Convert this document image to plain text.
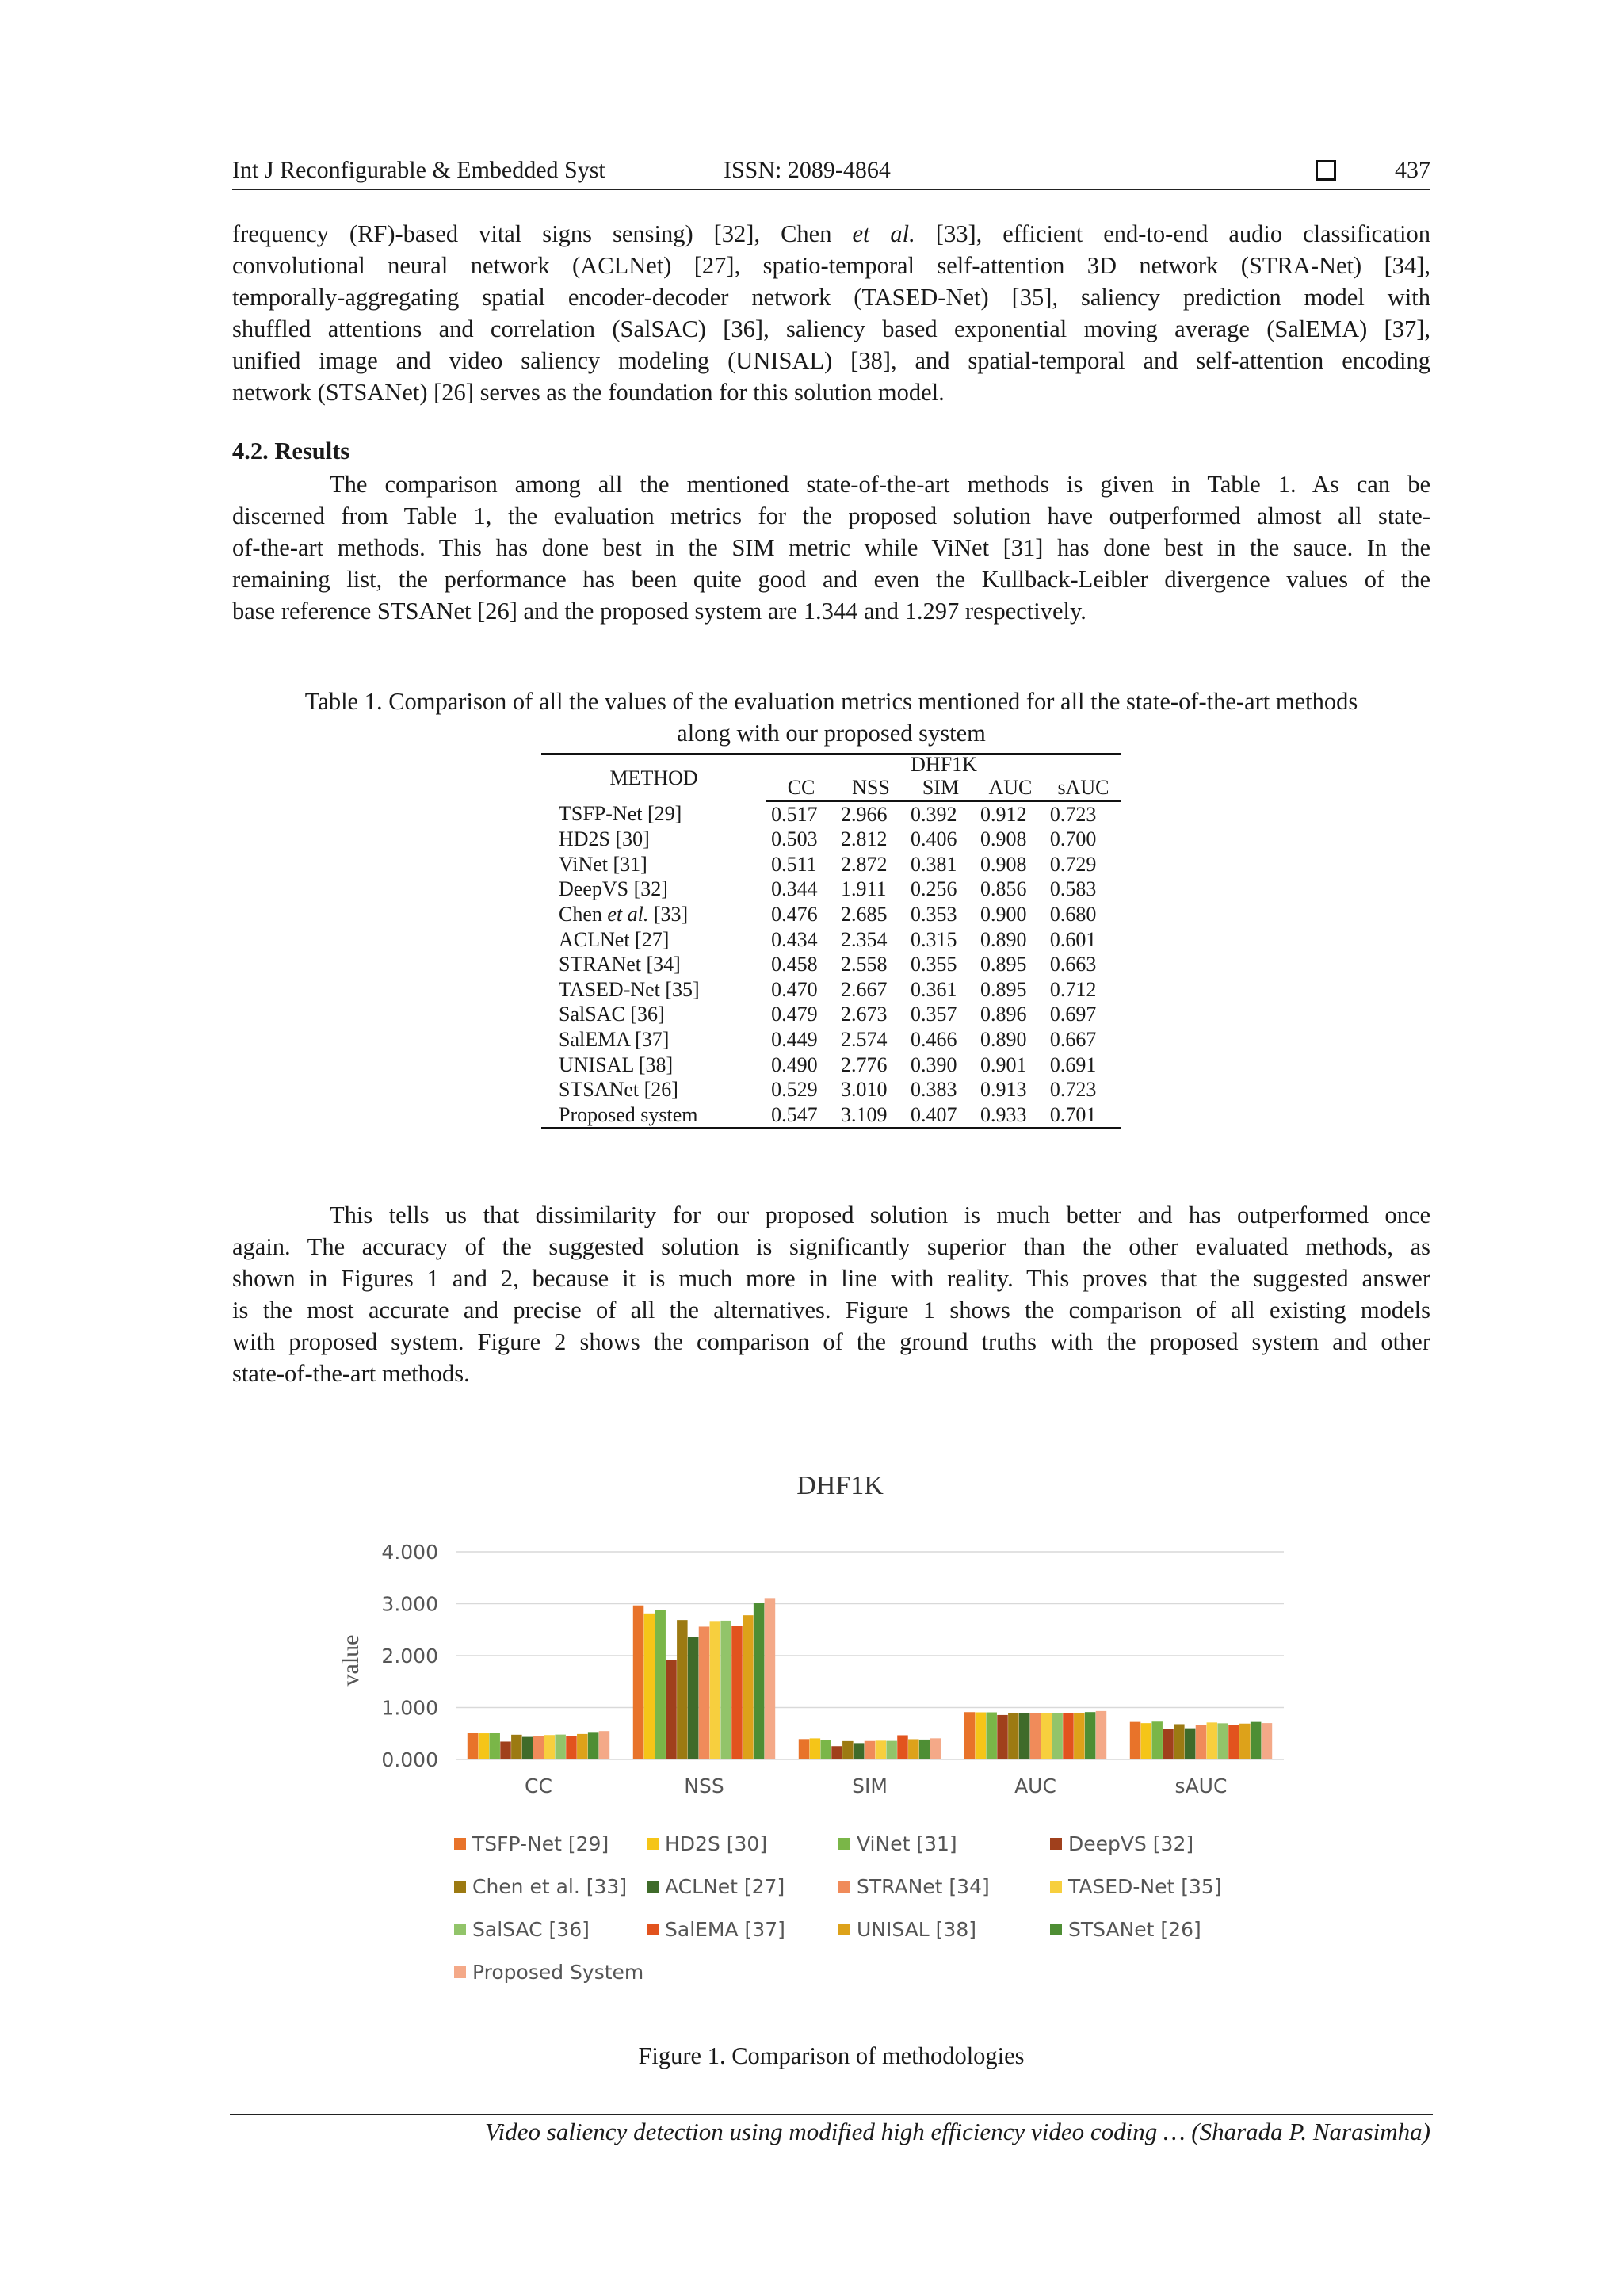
Int J Reconfigurable & Embedded Syst	ISSN: 2089-4864	437
frequency (RF)-based vital signs sensing) [32], Chen et al. [33], efficient end-to-end audio classification
convolutional neural network (ACLNet) [27], spatio-temporal self-attention 3D network (STRA-Net) [34],
temporally-aggregating spatial encoder-decoder network (TASED-Net) [35], saliency prediction model with
shuffled attentions and correlation (SalSAC) [36], saliency based exponential moving average (SalEMA) [37],
unified image and video saliency modeling (UNISAL) [38], and spatial-temporal and self-attention encoding
network (STSANet) [26] serves as the foundation for this solution model.
4.2. Results
The comparison among all the mentioned state-of-the-art methods is given in Table 1. As can be
discerned from Table 1, the evaluation metrics for the proposed solution have outperformed almost all state-
of-the-art methods. This has done best in the SIM metric while ViNet [31] has done best in the sauce. In the
remaining list, the performance has been quite good and even the Kullback-Leibler divergence values of the
base reference STSANet [26] and the proposed system are 1.344 and 1.297 respectively.
Table 1. Comparison of all the values of the evaluation metrics mentioned for all the state-of-the-art methods
along with our proposed system
METHOD	DHF1K				
	CC	NSS	SIM	AUC	sAUC
TSFP-Net [29]	0.517	2.966	0.392	0.912	0.723
HD2S [30]	0.503	2.812	0.406	0.908	0.700
ViNet [31]	0.511	2.872	0.381	0.908	0.729
DeepVS [32]	0.344	1.911	0.256	0.856	0.583
Chen et al. [33]	0.476	2.685	0.353	0.900	0.680
ACLNet [27]	0.434	2.354	0.315	0.890	0.601
STRANet [34]	0.458	2.558	0.355	0.895	0.663
TASED-Net [35]	0.470	2.667	0.361	0.895	0.712
SalSAC [36]	0.479	2.673	0.357	0.896	0.697
SalEMA [37]	0.449	2.574	0.466	0.890	0.667
UNISAL [38]	0.490	2.776	0.390	0.901	0.691
STSANet [26]	0.529	3.010	0.383	0.913	0.723
Proposed system	0.547	3.109	0.407	0.933	0.701
This tells us that dissimilarity for our proposed solution is much better and has outperformed once
again. The accuracy of the suggested solution is significantly superior than the other evaluated methods, as
shown in Figures 1 and 2, because it is much more in line with reality. This proves that the suggested answer
is the most accurate and precise of all the alternatives. Figure 1 shows the comparison of all existing models
with proposed system. Figure 2 shows the comparison of the ground truths with the proposed system and other
state-of-the-art methods.
DHF1K
value
0.000
1.000
2.000
3.000
4.000
CC	NSS	SIM	AUC	sAUC
TSFP-Net [29]	HD2S [30]	ViNet [31]	DeepVS [32]
Chen et al. [33] ACLNet [27]	STRANet [34]	TASED-Net [35]
SalSAC [36]	SalEMA [37]	UNISAL [38]	STSANet [26]
Proposed System
Figure 1. Comparison of methodologies
Video saliency detection using modified high efficiency video coding … (Sharada P. Narasimha)
